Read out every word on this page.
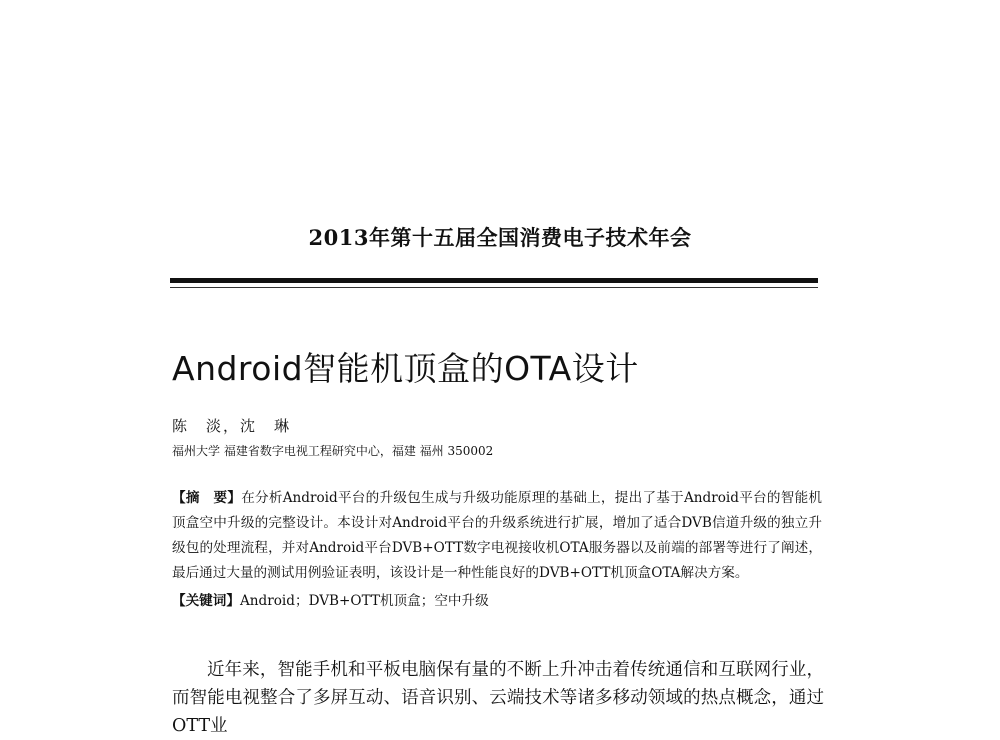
2013年第十五届全国消费电子技术年会
Android智能机顶盒的OTA设计
陈　淡，沈　琳
福州大学 福建省数字电视工程研究中心，福建 福州 350002
【摘　要】在分析Android平台的升级包生成与升级功能原理的基础上，提出了基于Android平台的智能机顶盒空中升级的完整设计。本设计对Android平台的升级系统进行扩展，增加了适合DVB信道升级的独立升级包的处理流程，并对Android平台DVB+OTT数字电视接收机OTA服务器以及前端的部署等进行了阐述，最后通过大量的测试用例验证表明，该设计是一种性能良好的DVB+OTT机顶盒OTA解决方案。
【关键词】Android；DVB+OTT机顶盒；空中升级
近年来，智能手机和平板电脑保有量的不断上升冲击着传统通信和互联网行业，而智能电视整合了多屏互动、语音识别、云端技术等诸多移动领域的热点概念，通过OTT业
